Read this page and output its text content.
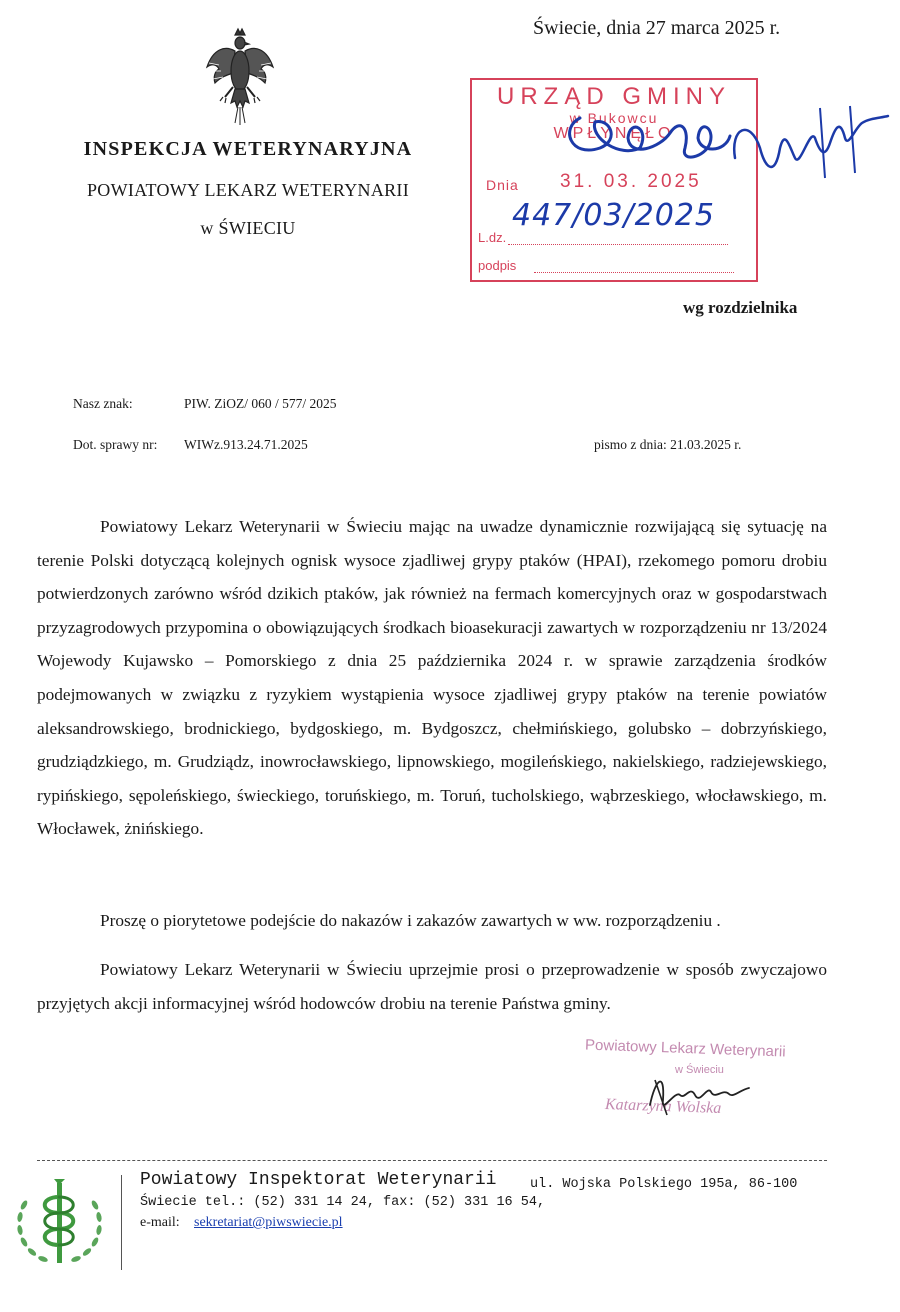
Świecie, dnia 27 marca 2025 r.
INSPEKCJA WETERYNARYJNA
POWIATOWY LEKARZ WETERYNARII
w ŚWIECIU
URZĄD GMINY
w Bukowcu
WPŁYNĘŁO
Dnia 31. 03. 2025
447/03/2025
L.dz.
podpis
wg rozdzielnika
Nasz znak:	PIW. ZiOZ/ 060 / 577/ 2025
Dot. sprawy nr: WIWz.913.24.71.2025	pismo z dnia: 21.03.2025 r.
Powiatowy Lekarz Weterynarii w Świeciu mając na uwadze dynamicznie rozwijającą się sytuację na terenie Polski dotyczącą kolejnych ognisk wysoce zjadliwej grypy ptaków (HPAI), rzekomego pomoru drobiu potwierdzonych zarówno wśród dzikich ptaków, jak również na fermach komercyjnych oraz w gospodarstwach przyzagrodowych przypomina o obowiązujących środkach bioasekuracji zawartych w rozporządzeniu nr 13/2024 Wojewody Kujawsko – Pomorskiego z dnia 25 października 2024 r. w sprawie zarządzenia środków podejmowanych w związku z ryzykiem wystąpienia wysoce zjadliwej grypy ptaków na terenie powiatów aleksandrowskiego, brodnickiego, bydgoskiego, m. Bydgoszcz, chełmińskiego, golubsko – dobrzyńskiego, grudziądzkiego, m. Grudziądz, inowrocławskiego, lipnowskiego, mogileńskiego, nakielskiego, radziejewskiego, rypińskiego, sępoleńskiego, świeckiego, toruńskiego, m. Toruń, tucholskiego, wąbrzeskiego, włocławskiego, m. Włocławek, żnińskiego.
Proszę o piorytetowe podejście do nakazów i zakazów zawartych w ww. rozporządzeniu .
Powiatowy Lekarz Weterynarii w Świeciu uprzejmie prosi o przeprowadzenie w sposób zwyczajowo przyjętych akcji informacyjnej wśród hodowców drobiu na terenie Państwa gminy.
Powiatowy Lekarz Weterynarii
w Świeciu
Katarzyna Wolska
Powiatowy Inspektorat Weterynarii ul. Wojska Polskiego 195a, 86-100
Świecie tel.: (52) 331 14 24, fax: (52) 331 16 54,
e-mail: sekretariat@piwswiecie.pl
